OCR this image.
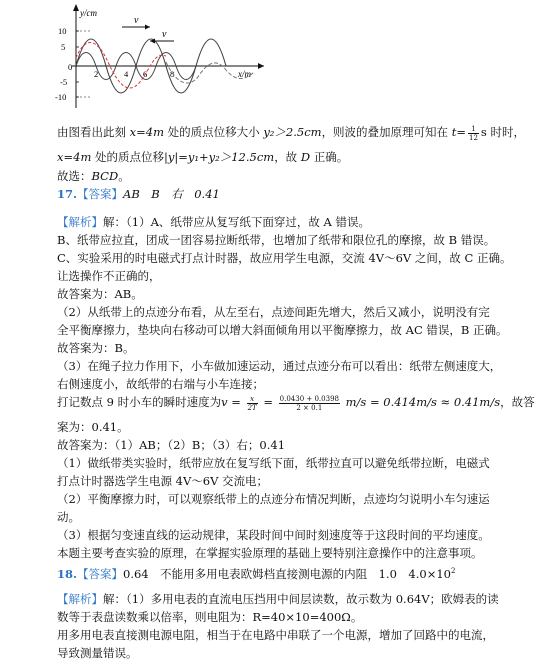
y/cm
x/m
10
5
0
-5
-10
2	4 6	8
v
v
由图看出此刻 x=4m 处的质点位移大小 y₂＞2.5cm，则波的叠加原理可知在 $t= \frac{1}{12}$ s 时时，
x=4m 处的质点位移|y|=y₁+y₂＞12.5cm，故 D 正确。
故选：BCD。
17.【答案】AB　B　右　0.41
【解析】解：（1）A、纸带应从复写纸下面穿过，故 A 错误。
B、纸带应拉直，团成一团容易拉断纸带，也增加了纸带和限位孔的摩擦，故 B 错误。
C、实验采用的时电磁式打点计时器，故应用学生电源，交流 4V～6V 之间，故 C 正确。
让选操作不正确的，
故答案为：AB。
（2）从纸带上的点迹分布看，从左至右，点迹间距先增大，然后又减小，说明没有完
全平衡摩擦力，垫块向右移动可以增大斜面倾角用以平衡摩擦力，故 AC 错误，B 正确。
故答案为：B。
（3）在绳子拉力作用下，小车做加速运动，通过点迹分布可以看出：纸带左侧速度大，
右侧速度小，故纸带的右端与小车连接；
打记数点 9 时小车的瞬时速度为$v = \frac{x}{2T} = \frac{0.0430 + 0.0398}{2 \times 0.1} m/s = 0.414m/s \approx 0.41m/s$，故答
案为：0.41。
故答案为：（1）AB；（2）B；（3）右；0.41
（1）做纸带类实验时，纸带应放在复写纸下面，纸带拉直可以避免纸带拉断，电磁式
打点计时器选学生电源 4V～6V 交流电；
（2）平衡摩擦力时，可以观察纸带上的点迹分布情况判断，点迹均匀说明小车匀速运
动。
（3）根据匀变速直线的运动规律，某段时间中间时刻速度等于这段时间的平均速度。
本题主要考查实验的原理，在掌握实验原理的基础上要特别注意操作中的注意事项。
18.【答案】0.64　不能用多用电表欧姆档直接测电源的内阻　1.0　$4.0\times 10^2$
【解析】解：（1）多用电表的直流电压挡用中间层读数，故示数为 0.64V；欧姆表的读
数等于表盘读数乘以倍率，则电阻为：R=40×10=400Ω。
用多用电表直接测电源电阻，相当于在电路中串联了一个电源，增加了回路中的电流，
导致测量错误。
